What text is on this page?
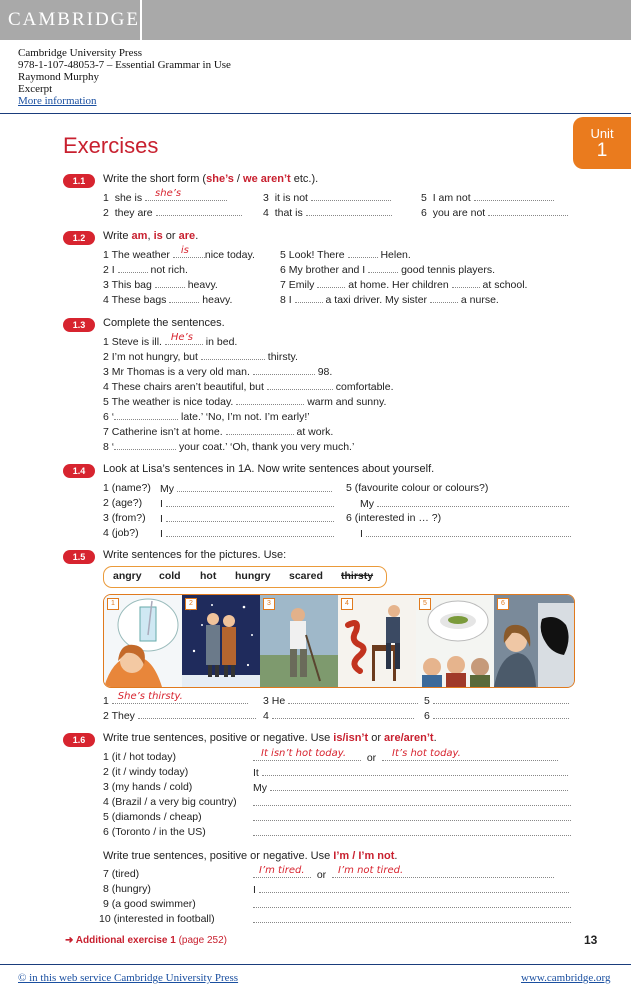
CAMBRIDGE
Cambridge University Press
978-1-107-48053-7 – Essential Grammar in Use
Raymond Murphy
Excerpt
More information
Unit
1
Exercises
1.1	Write the short form (she’s / we aren’t etc.).
1 she is she’s
2 they are
3 it is not
4 that is
5 I am not
6 you are not
1.2	Write am, is or are.
1 The weather is nice today.
2 I	not rich.
3 This bag	heavy.
4 These bags	heavy.
5 Look! There	Helen.
6 My brother and I	good tennis players.
7 Emily	at home. Her children	at school.
8 I	a taxi driver. My sister	a nurse.
1.3	Complete the sentences.
1 Steve is ill. He’s in bed.
2 I’m not hungry, but	thirsty.
3 Mr Thomas is a very old man.	98.
4 These chairs aren’t beautiful, but	comfortable.
5 The weather is nice today.	warm and sunny.
6 ‘	late.’ ‘No, I’m not. I’m early!’
7 Catherine isn’t at home.	at work.
8 ‘	your coat.’ ‘Oh, thank you very much.’
1.4	Look at Lisa’s sentences in 1A. Now write sentences about yourself.
1 (name?) My
2 (age?) I
3 (from?) I
4 (job?) I
5 (favourite colour or colours?)
My
6 (interested in … ?)
I
1.5	Write sentences for the pictures. Use:
angry cold hot hungry scared thirsty
1	2	3	4	5	6
1 She’s thirsty.
2 They
3 He
4
5
6
1.6	Write true sentences, positive or negative. Use is/isn’t or are/aren’t.
1 (it / hot today)	It isn’t hot today. or It’s hot today.
2 (it / windy today)	It
3 (my hands / cold)	My
4 (Brazil / a very big country)
5 (diamonds / cheap)
6 (Toronto / in the US)
Write true sentences, positive or negative. Use I’m / I’m not.
7 (tired)	I’m tired. or I’m not tired.
8 (hungry)	I
9 (a good swimmer)
10 (interested in football)
➜ Additional exercise 1 (page 252)	13
© in this web service Cambridge University Press	www.cambridge.org
